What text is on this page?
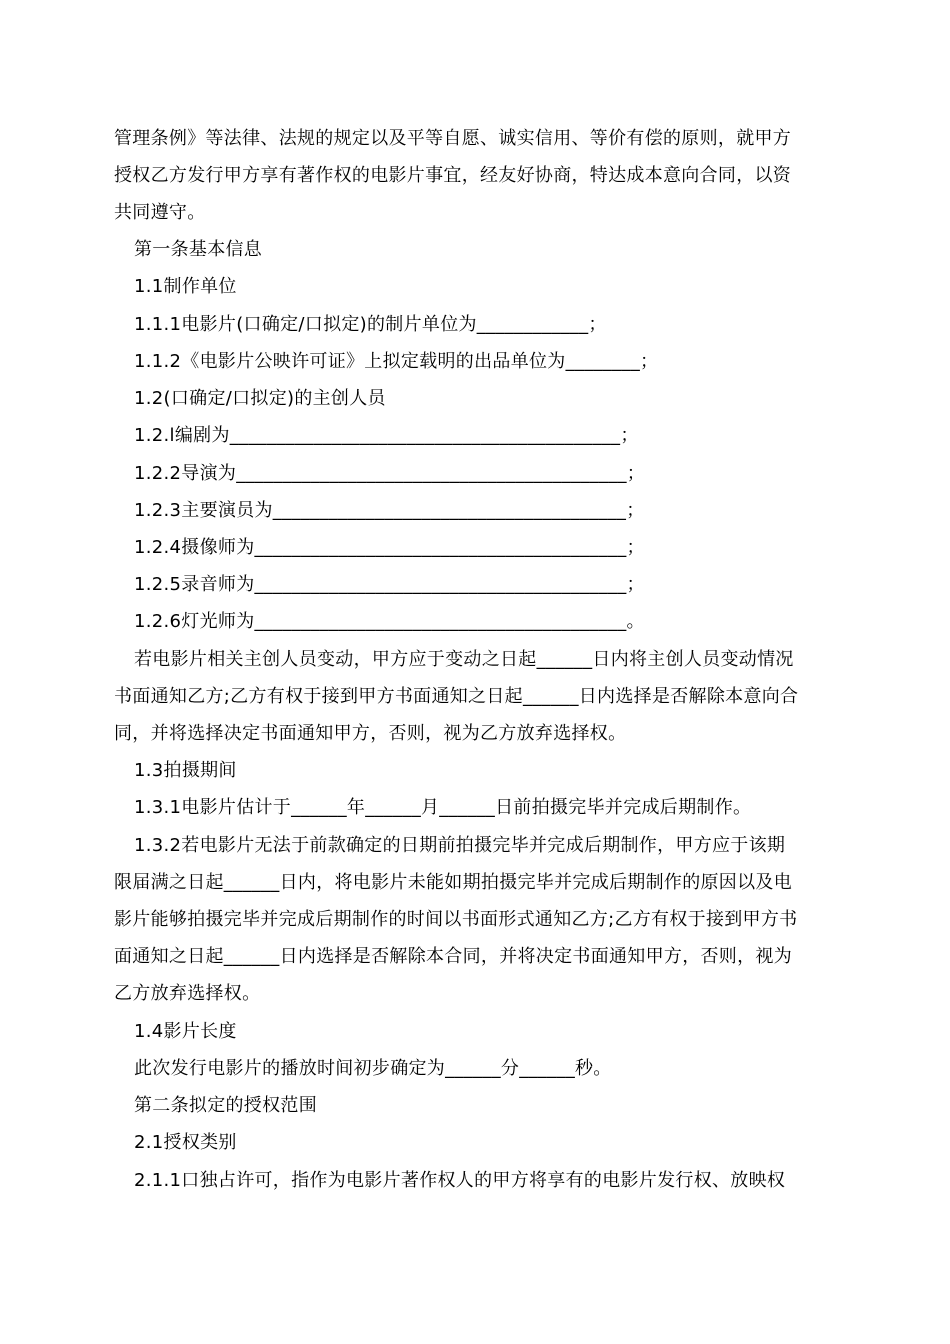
管理条例》等法律、法规的规定以及平等自愿、诚实信用、等价有偿的原则，就甲方
授权乙方发行甲方享有著作权的电影片事宜，经友好协商，特达成本意向合同，以资
共同遵守。
第一条基本信息
1.1制作单位
1.1.1电影片(口确定/口拟定)的制片单位为____________；
1.1.2《电影片公映许可证》上拟定载明的出品单位为________；
1.2(口确定/口拟定)的主创人员
1.2.l编剧为__________________________________________；
1.2.2导演为__________________________________________；
1.2.3主要演员为______________________________________；
1.2.4摄像师为________________________________________；
1.2.5录音师为________________________________________；
1.2.6灯光师为________________________________________。
若电影片相关主创人员变动，甲方应于变动之日起______日内将主创人员变动情况
书面通知乙方;乙方有权于接到甲方书面通知之日起______日内选择是否解除本意向合
同，并将选择决定书面通知甲方，否则，视为乙方放弃选择权。
1.3拍摄期间
1.3.1电影片估计于______年______月______日前拍摄完毕并完成后期制作。
1.3.2若电影片无法于前款确定的日期前拍摄完毕并完成后期制作，甲方应于该期
限届满之日起______日内，将电影片未能如期拍摄完毕并完成后期制作的原因以及电
影片能够拍摄完毕并完成后期制作的时间以书面形式通知乙方;乙方有权于接到甲方书
面通知之日起______日内选择是否解除本合同，并将决定书面通知甲方，否则，视为
乙方放弃选择权。
1.4影片长度
此次发行电影片的播放时间初步确定为______分______秒。
第二条拟定的授权范围
2.1授权类别
2.1.1口独占许可，指作为电影片著作权人的甲方将享有的电影片发行权、放映权
